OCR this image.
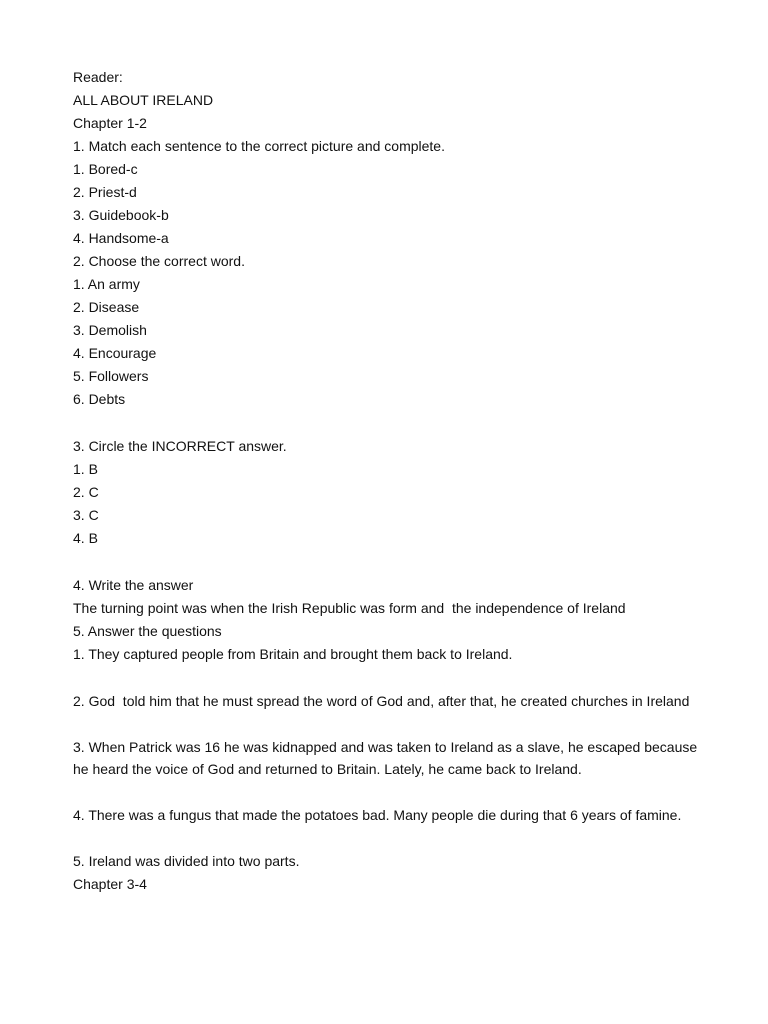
Reader:
ALL ABOUT IRELAND
Chapter 1-2
1. Match each sentence to the correct picture and complete.
1. Bored-c
2. Priest-d
3. Guidebook-b
4. Handsome-a
2. Choose the correct word.
1. An army
2. Disease
3. Demolish
4. Encourage
5. Followers
6. Debts
3. Circle the INCORRECT answer.
1. B
2. C
3. C
4. B
4. Write the answer
The turning point was when the Irish Republic was form and  the independence of Ireland
5. Answer the questions
1. They captured people from Britain and brought them back to Ireland.
2. God  told him that he must spread the word of God and, after that, he created churches in Ireland
3. When Patrick was 16 he was kidnapped and was taken to Ireland as a slave, he escaped because he heard the voice of God and returned to Britain. Lately, he came back to Ireland.
4. There was a fungus that made the potatoes bad. Many people die during that 6 years of famine.
5. Ireland was divided into two parts.
Chapter 3-4
